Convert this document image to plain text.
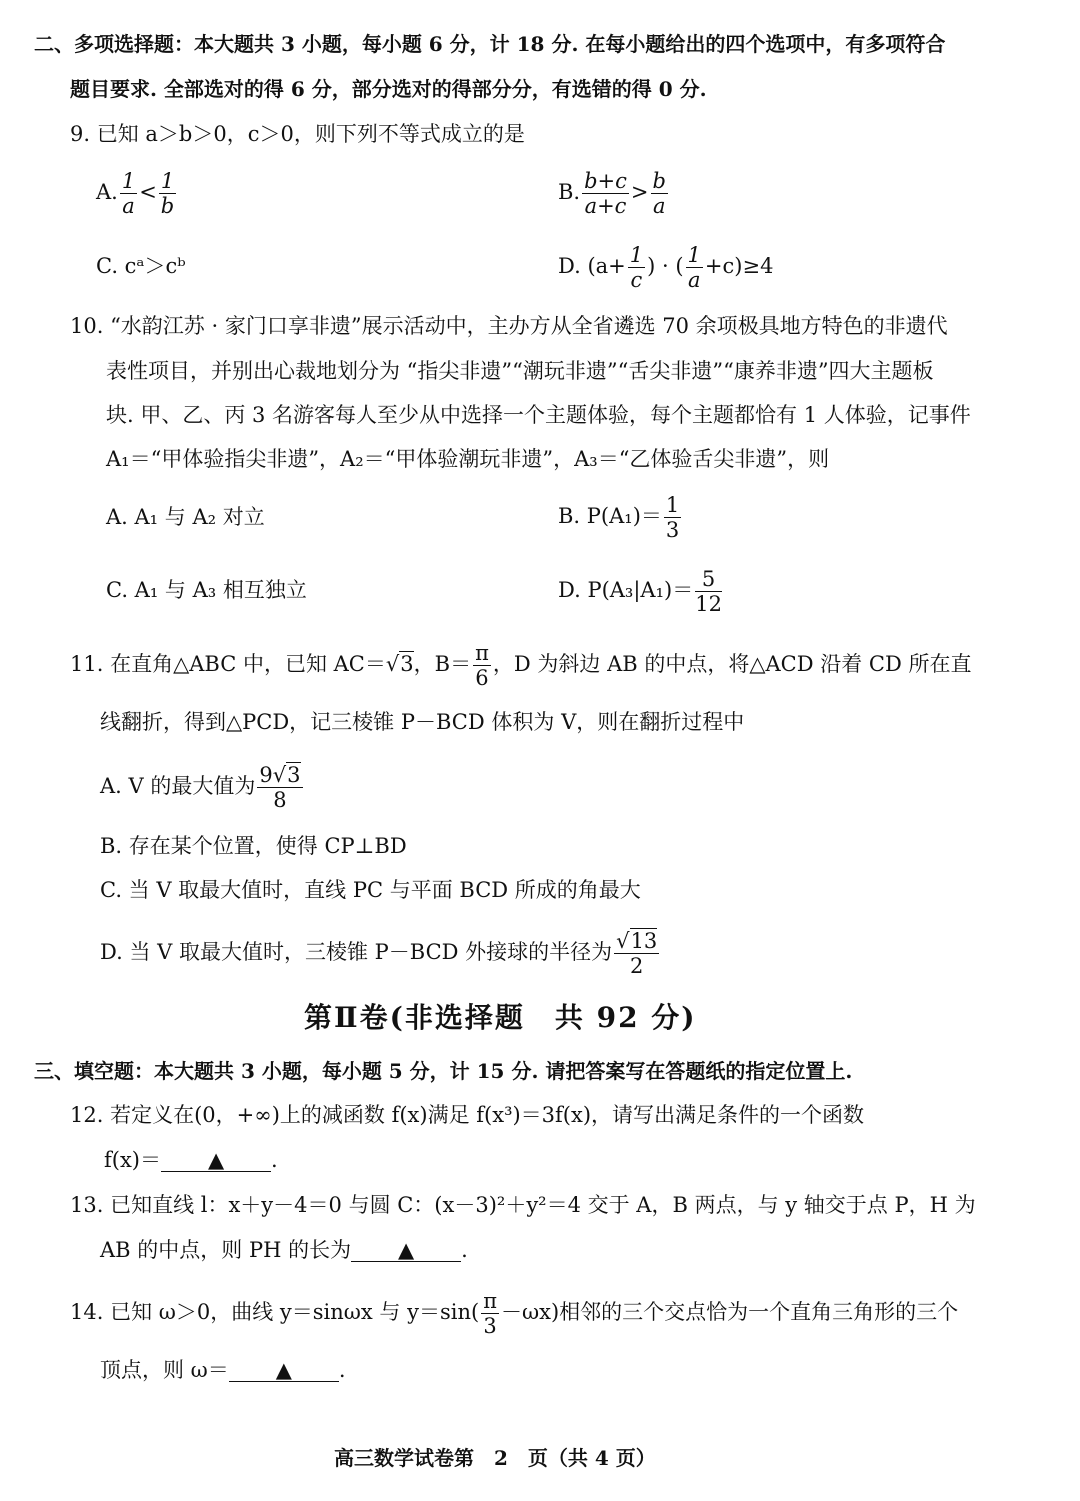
二、多项选择题：本大题共 3 小题，每小题 6 分，计 18 分. 在每小题给出的四个选项中，有多项符合
题目要求. 全部选对的得 6 分，部分选对的得部分分，有选错的得 0 分.
9. 已知 a＞b＞0，c＞0，则下列不等式成立的是
A. $\frac{1}{a} < \frac{1}{b}$	B. $\frac{b+c}{a+c} > \frac{b}{a}$
C. cᵃ＞cᵇ	D. ($a+ \frac{1}{c}$ ) · ( $\frac{1}{a} +c)\ge 4$
10. “水韵江苏 · 家门口享非遗”展示活动中，主办方从全省遴选 70 余项极具地方特色的非遗代
表性项目，并别出心裁地划分为 “指尖非遗”“潮玩非遗”“舌尖非遗”“康养非遗”四大主题板
块. 甲、乙、丙 3 名游客每人至少从中选择一个主题体验，每个主题都恰有 1 人体验，记事件
A₁＝“甲体验指尖非遗”，A₂＝“甲体验潮玩非遗”，A₃＝“乙体验舌尖非遗”，则
A. A₁ 与 A₂ 对立	B. $P(A_1)= \frac{1}{3}$
C. A₁ 与 A₃ 相互独立	D. $P(A_3|A_1)= \frac{5}{12}$
11. 在直角△ABC 中，已知 AC＝√3，$B= \frac{\pi}{6}$ ，D 为斜边 AB 的中点，将△ACD 沿着 CD 所在直
线翻折，得到△PCD，记三棱锥 P－BCD 体积为 V，则在翻折过程中
A. V 的最大值为 $\frac{9√3}{8}$
B. 存在某个位置，使得 CP⊥BD
C. 当 V 取最大值时，直线 PC 与平面 BCD 所成的角最大
D. 当 V 取最大值时，三棱锥 P－BCD 外接球的半径为 $\frac{√13}{2}$
第Ⅱ卷(非选择题　共 92 分)
三、填空题：本大题共 3 小题，每小题 5 分，计 15 分. 请把答案写在答题纸的指定位置上.
12. 若定义在(0，+∞)上的减函数 f(x)满足 f(x³)＝3f(x)，请写出满足条件的一个函数
f(x)＝ ▲ .
13. 已知直线 l：x＋y－4＝0 与圆 C：(x－3)²＋y²＝4 交于 A，B 两点，与 y 轴交于点 P，H 为
AB 的中点，则 PH 的长为 ▲ .
14. 已知 ω＞0，曲线 y＝sinωx 与 $y=\sin( \frac{\pi}{3} -\omega x)$相邻的三个交点恰为一个直角三角形的三个
顶点，则 ω＝ ▲ .
高三数学试卷第　2　页（共 4 页）
